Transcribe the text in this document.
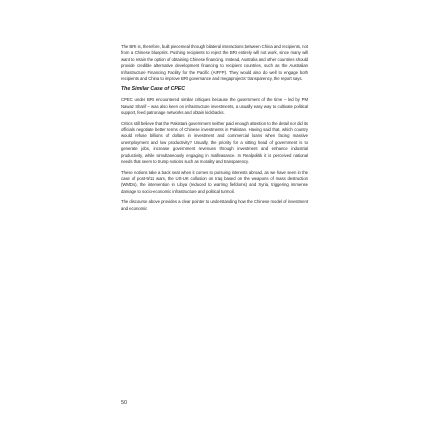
The BRI is, therefore, built piecemeal through bilateral interactions between China and recipients, not from a Chinese blueprint. Pushing recipients to reject the BRI entirely will not work, since many will want to retain the option of obtaining Chinese financing. Instead, Australia and other countries should provide credible alternative development financing to recipient countries, such as the Australian Infrastructure Financing Facility for the Pacific (AIFFP). They would also do well to engage both recipients and China to improve BRI governance and megaprojects' transparency, the report says.

The Similar Case of CPEC

CPEC under BRI encountered similar critiques because the government of the time – led by PM Nawaz Sharif – was also keen on infrastructure investments, a usually easy way to cultivate political support, feed patronage networks and obtain kickbacks.

Critics still believe that the Pakistani government neither paid enough attention to the detail nor did its officials negotiate better terms of Chinese investments in Pakistan. Having said that, which country would refuse billions of dollars in investment and commercial loans when facing massive unemployment and low productivity? Usually, the priority for a sitting head of government is to generate jobs, increase government revenues through investment and enhance industrial productivity, while simultaneously engaging in malfeasance. In Realpolitik it is perceived national needs that seem to trump notions such as morality and transparency.

These notions take a back seat when it comes to pursuing interests abroad, as we have seen in the case of post-9/11 wars, the US-UK collusion on Iraq based on the weapons of mass destruction (WMDs), the intervention in Libya (reduced to warring fiefdoms) and Syria, triggering immense damage to socio-economic infrastructure and political turmoil.

The discourse above provides a clear pointer to understanding how the Chinese model of investment and economic

50
